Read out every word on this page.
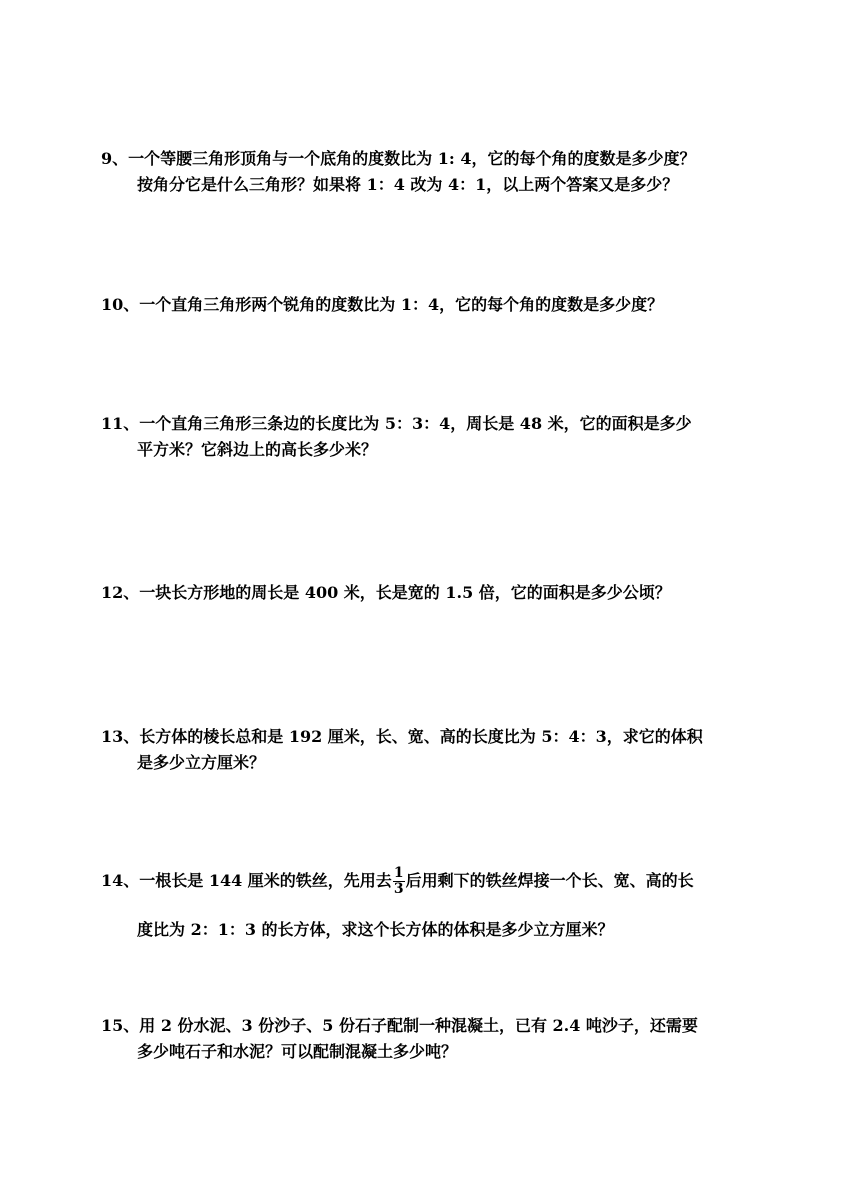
9、一个等腰三角形顶角与一个底角的度数比为 1: 4，它的每个角的度数是多少度？
按角分它是什么三角形？如果将 1：4 改为 4：1，以上两个答案又是多少？
10、一个直角三角形两个锐角的度数比为 1：4，它的每个角的度数是多少度？
11、一个直角三角形三条边的长度比为 5：3：4，周长是 48 米，它的面积是多少
平方米？它斜边上的高长多少米？
12、一块长方形地的周长是 400 米，长是宽的 1.5 倍，它的面积是多少公顷？
13、长方体的棱长总和是 192 厘米，长、宽、高的长度比为 5：4：3，求它的体积
是多少立方厘米？
14、一根长是 144 厘米的铁丝，先用去 $\frac{1}{3}$ 后用剩下的铁丝焊接一个长、宽、高的长
度比为 2：1：3 的长方体，求这个长方体的体积是多少立方厘米？
15、用 2 份水泥、3 份沙子、5 份石子配制一种混凝土，已有 2.4 吨沙子，还需要
多少吨石子和水泥？可以配制混凝土多少吨？
